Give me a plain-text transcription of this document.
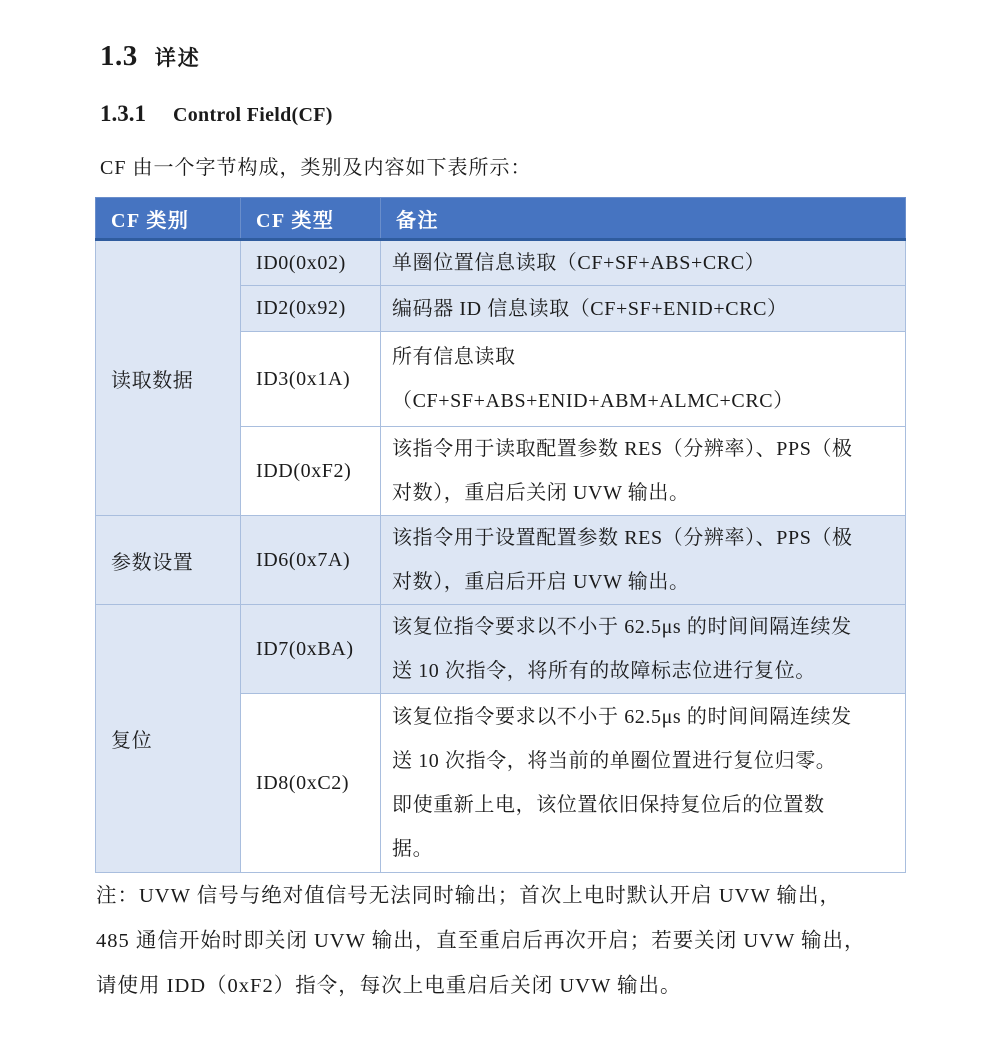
1.3 详述
1.3.1 Control Field(CF)
CF 由一个字节构成，类别及内容如下表所示：
CF 类别	CF 类型	备注
读取数据	ID0(0x02)	单圈位置信息读取（CF+SF+ABS+CRC）

	ID2(0x92)	编码器 ID 信息读取（CF+SF+ENID+CRC）

	ID3(0x1A)	所有信息读取
（CF+SF+ABS+ENID+ABM+ALMC+CRC）

	IDD(0xF2)	该指令用于读取配置参数 RES（分辨率）、PPS（极
对数），重启后关闭 UVW 输出。

参数设置	ID6(0x7A)	该指令用于设置配置参数 RES（分辨率）、PPS（极
对数），重启后开启 UVW 输出。

复位	ID7(0xBA)	该复位指令要求以不小于 62.5μs 的时间间隔连续发
送 10 次指令，将所有的故障标志位进行复位。

	ID8(0xC2)	该复位指令要求以不小于 62.5μs 的时间间隔连续发
送 10 次指令，将当前的单圈位置进行复位归零。
即使重新上电，该位置依旧保持复位后的位置数
据。
注：UVW 信号与绝对值信号无法同时输出；首次上电时默认开启 UVW 输出，
485 通信开始时即关闭 UVW 输出，直至重启后再次开启；若要关闭 UVW 输出，
请使用 IDD（0xF2）指令，每次上电重启后关闭 UVW 输出。
